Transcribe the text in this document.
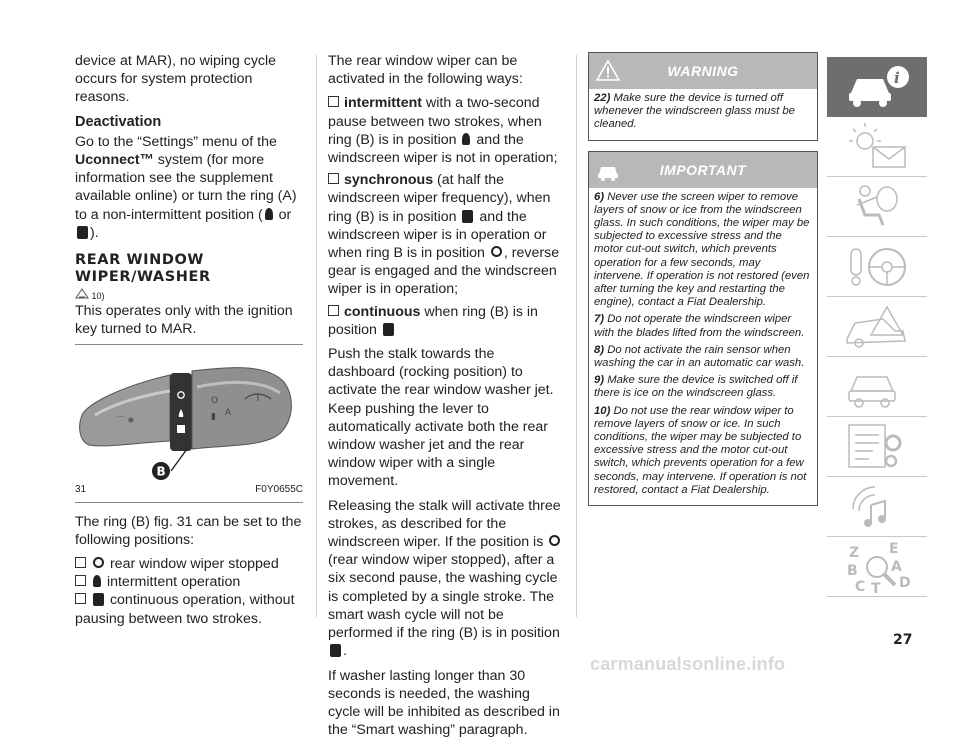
device at MAR), no wiping cycle occurs for system protection reasons.

Deactivation

Go to the “Settings” menu of the
Uconnect™ system (for more information see the supplement available online) or turn the ring (A) to a non-intermittent position ( or ).

REAR WINDOW
WIPER/WASHER
10)

This operates only with the ignition key turned to MAR.

⌒ ✱
O
▮ A
B
31	F0Y0655C

The ring (B) fig. 31 can be set to the following positions:

rear window wiper stopped
intermittent operation
continuous operation, without pausing between two strokes.

The rear window wiper can be activated in the following ways:

intermittent with a two-second pause between two strokes, when ring (B) is in position  and the windscreen wiper is not in operation;
synchronous (at half the windscreen wiper frequency), when ring (B) is in position  and the windscreen wiper is in operation or when ring B is in position , reverse gear is engaged and the windscreen wiper is in operation;
continuous when ring (B) is in position

Push the stalk towards the dashboard (rocking position) to activate the rear window washer jet. Keep pushing the lever to automatically activate both the rear window washer jet and the rear window wiper with a single movement.

Releasing the stalk will activate three strokes, as described for the windscreen wiper. If the position is  (rear window wiper stopped), after a six second pause, the washing cycle is completed by a single stroke. The smart wash cycle will not be performed if the ring (B) is in position .

If washer lasting longer than 30 seconds is needed, the washing cycle will be inhibited as described in the “Smart washing” paragraph.

WARNING

22) Make sure the device is turned off whenever the windscreen glass must be cleaned.

IMPORTANT

6) Never use the screen wiper to remove layers of snow or ice from the windscreen glass. In such conditions, the wiper may be subjected to excessive stress and the motor cut-out switch, which prevents operation for a few seconds, may intervene. If operation is not restored (even after turning the key and restarting the engine), contact a Fiat Dealership.

7) Do not operate the windscreen wiper with the blades lifted from the windscreen.

8) Do not activate the rain sensor when washing the car in an automatic car wash.

9) Make sure the device is switched off if there is ice on the windscreen glass.

10) Do not use the rear window wiper to remove layers of snow or ice. In such conditions, the wiper may be subjected to excessive stress and the motor cut-out switch, which prevents operation for a few seconds, may intervene. If operation is not restored, contact a Fiat Dealership.

i
Z E
B A
C D
T
27
carmanualsonline.info
